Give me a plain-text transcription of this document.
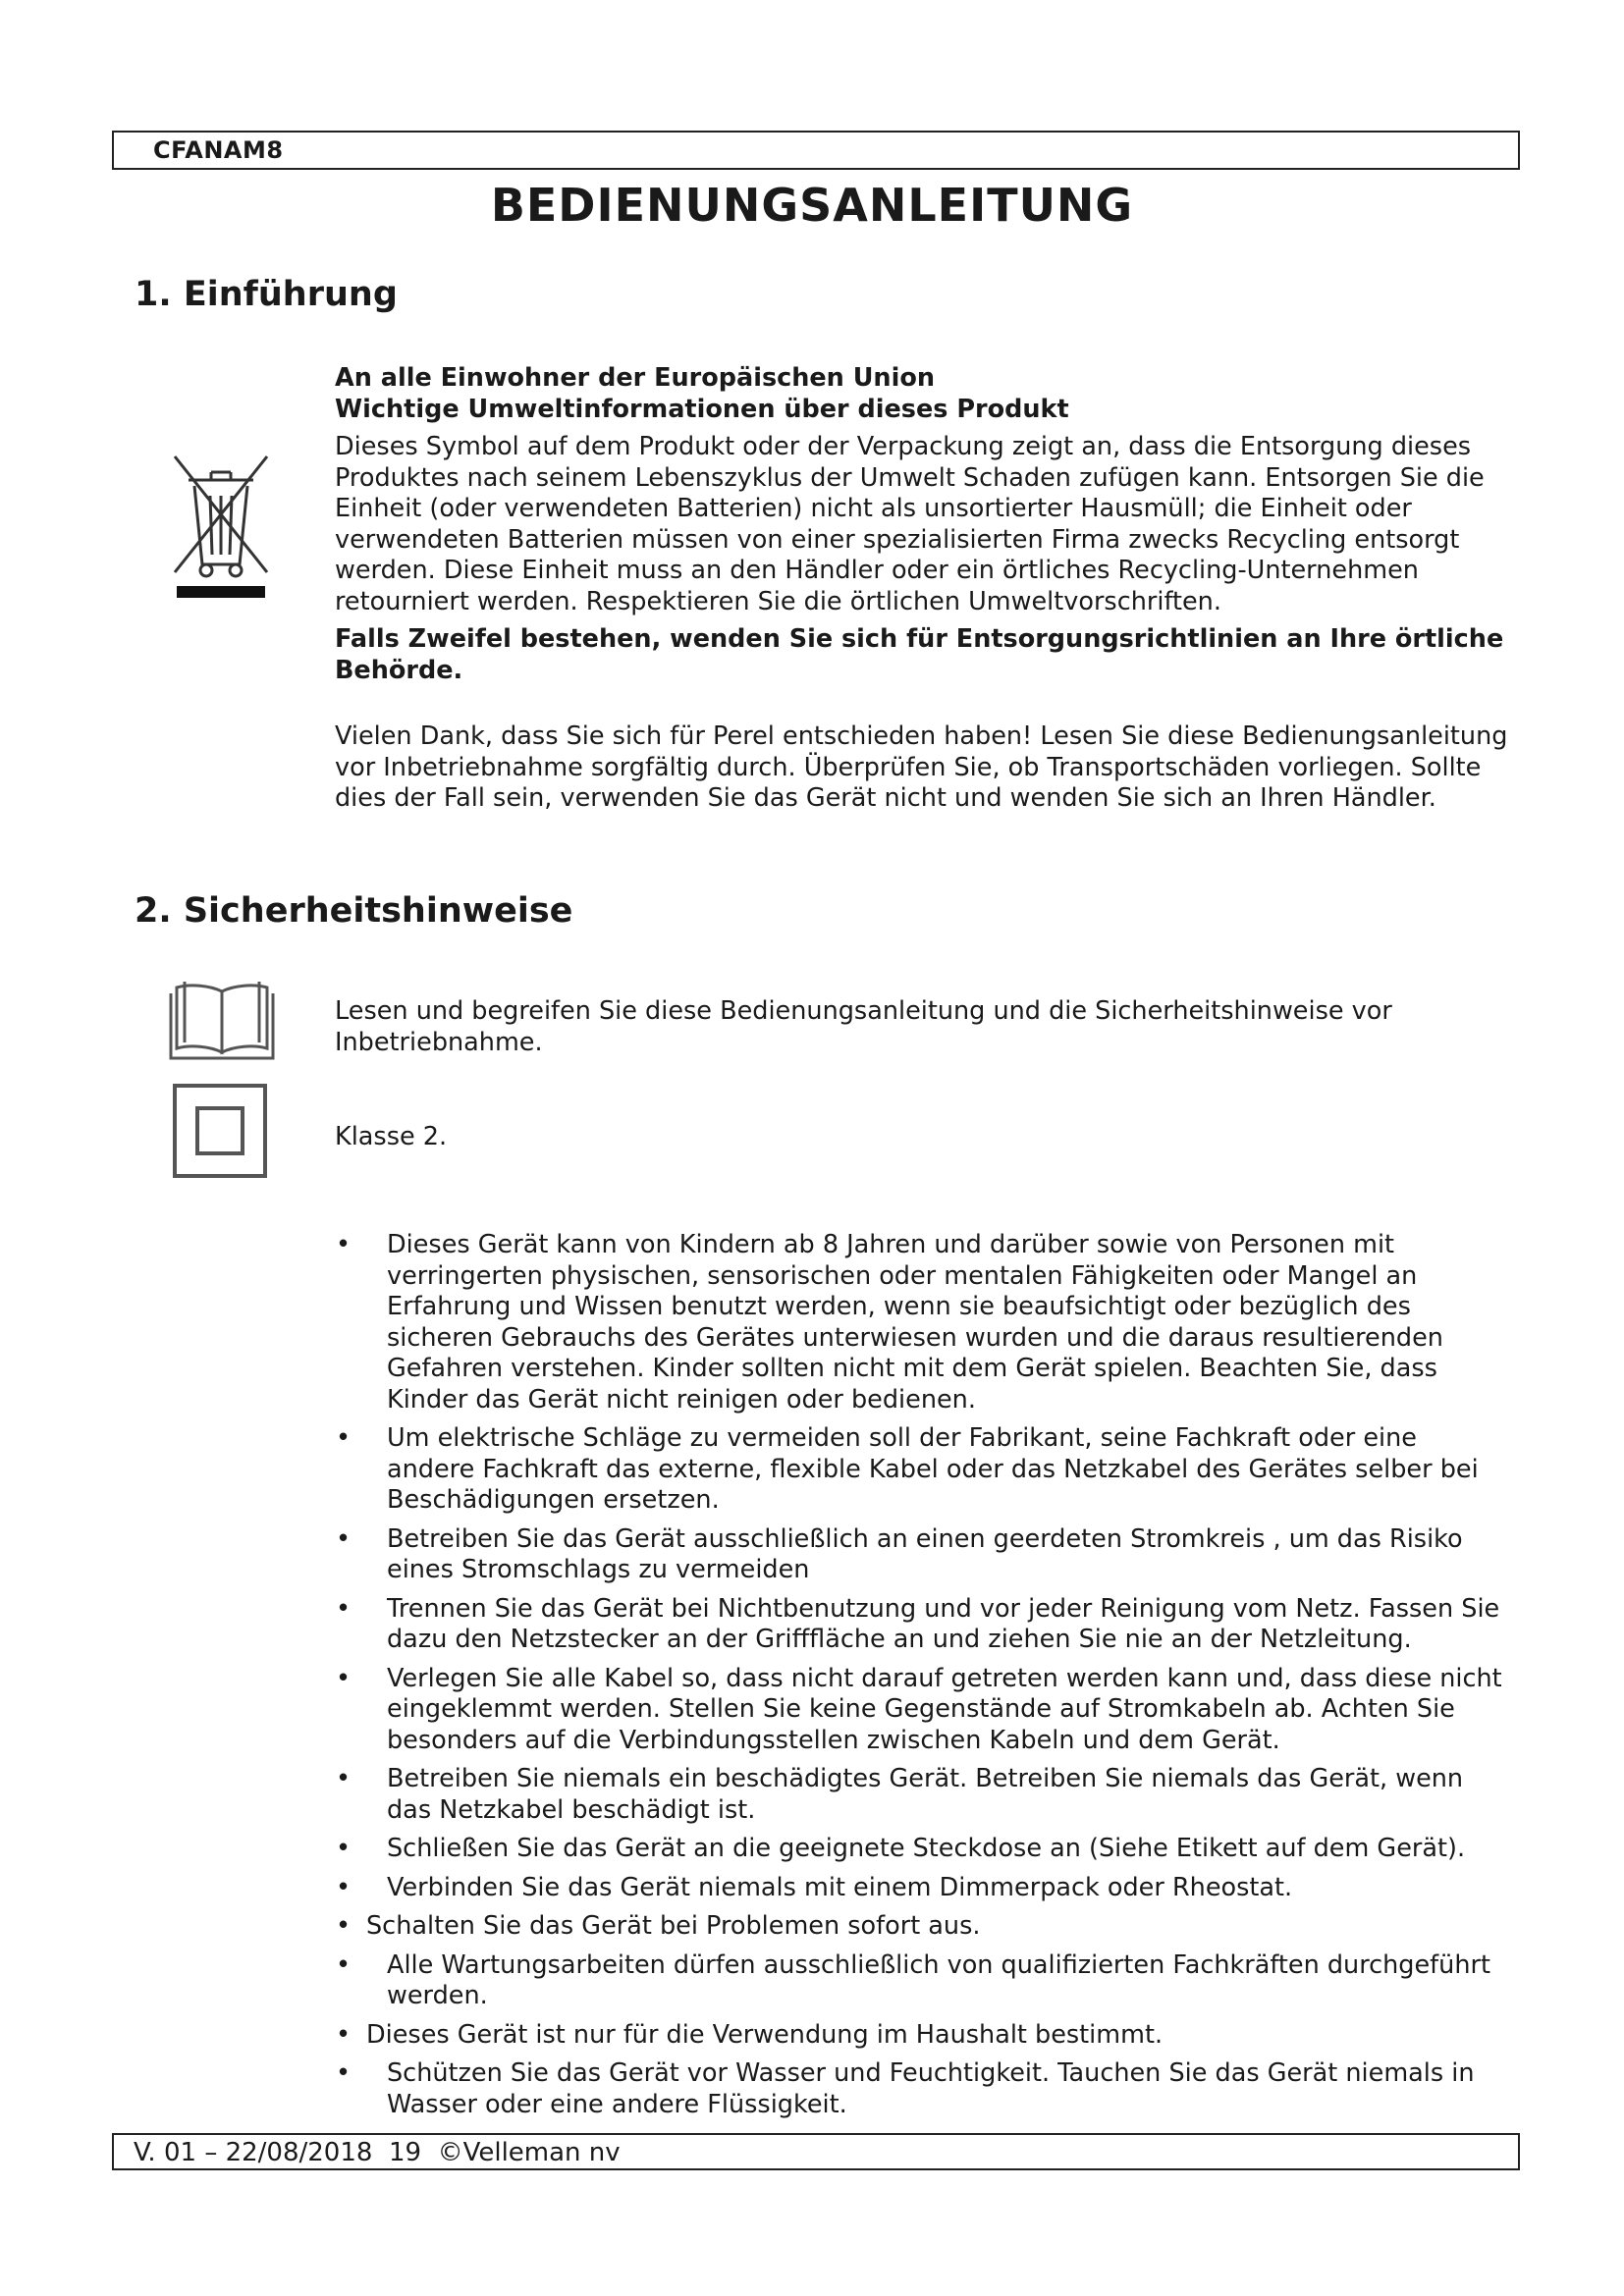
CFANAM8
BEDIENUNGSANLEITUNG
1. Einführung
An alle Einwohner der Europäischen Union
Wichtige Umweltinformationen über dieses Produkt

Dieses Symbol auf dem Produkt oder der Verpackung zeigt an, dass die Entsorgung dieses Produktes nach seinem Lebenszyklus der Umwelt Schaden zufügen kann. Entsorgen Sie die Einheit (oder verwendeten Batterien) nicht als unsortierter Hausmüll; die Einheit oder verwendeten Batterien müssen von einer spezialisierten Firma zwecks Recycling entsorgt werden. Diese Einheit muss an den Händler oder ein örtliches Recycling-Unternehmen retourniert werden. Respektieren Sie die örtlichen Umweltvorschriften.

Falls Zweifel bestehen, wenden Sie sich für Entsorgungsrichtlinien an Ihre örtliche Behörde.

Vielen Dank, dass Sie sich für Perel entschieden haben! Lesen Sie diese Bedienungsanleitung vor Inbetriebnahme sorgfältig durch. Überprüfen Sie, ob Transportschäden vorliegen. Sollte dies der Fall sein, verwenden Sie das Gerät nicht und wenden Sie sich an Ihren Händler.

2. Sicherheitshinweise

Lesen und begreifen Sie diese Bedienungsanleitung und die Sicherheitshinweise vor Inbetriebnahme.

Klasse 2.

• Dieses Gerät kann von Kindern ab 8 Jahren und darüber sowie von Personen mit verringerten physischen, sensorischen oder mentalen Fähigkeiten oder Mangel an Erfahrung und Wissen benutzt werden, wenn sie beaufsichtigt oder bezüglich des sicheren Gebrauchs des Gerätes unterwiesen wurden und die daraus resultierenden Gefahren verstehen. Kinder sollten nicht mit dem Gerät spielen. Beachten Sie, dass Kinder das Gerät nicht reinigen oder bedienen.
• Um elektrische Schläge zu vermeiden soll der Fabrikant, seine Fachkraft oder eine andere Fachkraft das externe, flexible Kabel oder das Netzkabel des Gerätes selber bei Beschädigungen ersetzen.
• Betreiben Sie das Gerät ausschließlich an einen geerdeten Stromkreis , um das Risiko eines Stromschlags zu vermeiden
• Trennen Sie das Gerät bei Nichtbenutzung und vor jeder Reinigung vom Netz. Fassen Sie dazu den Netzstecker an der Grifffläche an und ziehen Sie nie an der Netzleitung.
• Verlegen Sie alle Kabel so, dass nicht darauf getreten werden kann und, dass diese nicht eingeklemmt werden. Stellen Sie keine Gegenstände auf Stromkabeln ab. Achten Sie besonders auf die Verbindungsstellen zwischen Kabeln und dem Gerät.
• Betreiben Sie niemals ein beschädigtes Gerät. Betreiben Sie niemals das Gerät, wenn das Netzkabel beschädigt ist.
• Schließen Sie das Gerät an die geeignete Steckdose an (Siehe Etikett auf dem Gerät).
• Verbinden Sie das Gerät niemals mit einem Dimmerpack oder Rheostat.
• Schalten Sie das Gerät bei Problemen sofort aus.
• Alle Wartungsarbeiten dürfen ausschließlich von qualifizierten Fachkräften durchgeführt werden.
• Dieses Gerät ist nur für die Verwendung im Haushalt bestimmt.
• Schützen Sie das Gerät vor Wasser und Feuchtigkeit. Tauchen Sie das Gerät niemals in Wasser oder eine andere Flüssigkeit.
V. 01 – 22/08/2018  19  ©Velleman nv
